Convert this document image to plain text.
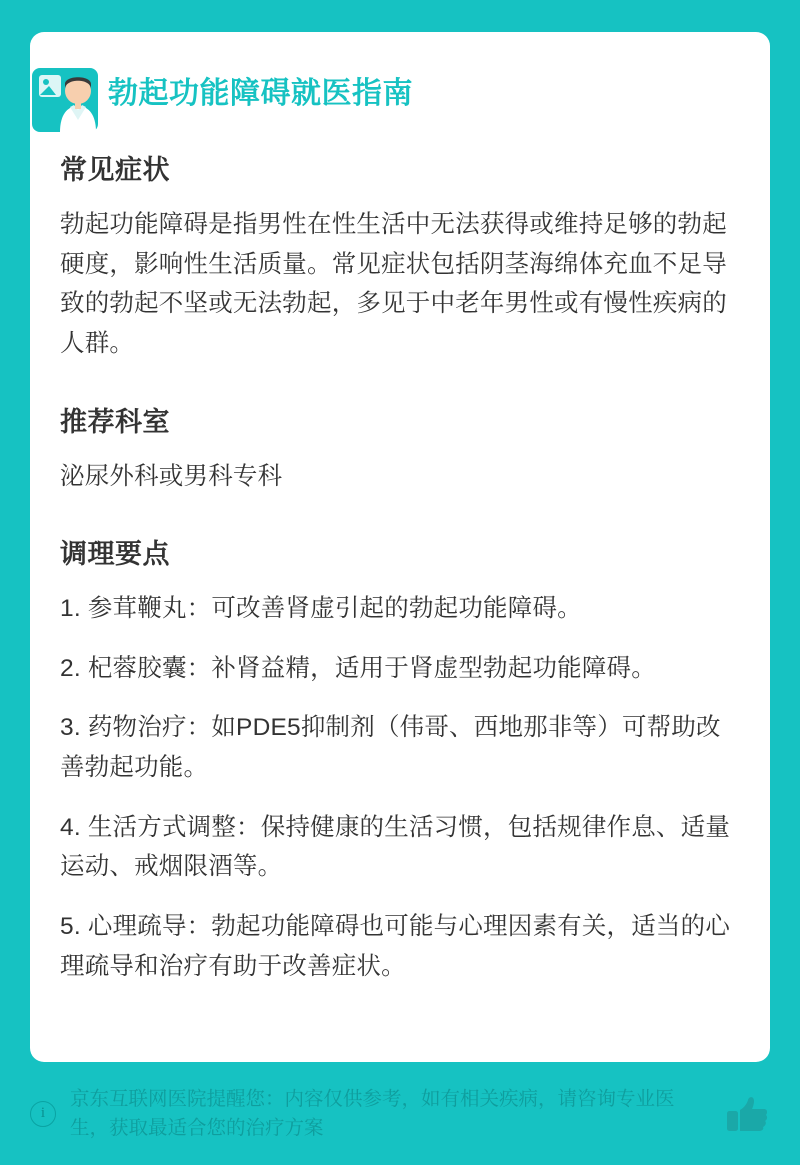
勃起功能障碍就医指南
常见症状

勃起功能障碍是指男性在性生活中无法获得或维持足够的勃起硬度，影响性生活质量。常见症状包括阴茎海绵体充血不足导致的勃起不坚或无法勃起，多见于中老年男性或有慢性疾病的人群。

推荐科室

泌尿外科或男科专科

调理要点
1. 参茸鞭丸：可改善肾虚引起的勃起功能障碍。
2. 杞蓉胶囊：补肾益精，适用于肾虚型勃起功能障碍。
3. 药物治疗：如PDE5抑制剂（伟哥、西地那非等）可帮助改善勃起功能。
4. 生活方式调整：保持健康的生活习惯，包括规律作息、适量运动、戒烟限酒等。
5. 心理疏导：勃起功能障碍也可能与心理因素有关，适当的心理疏导和治疗有助于改善症状。
i
京东互联网医院提醒您：内容仅供参考，如有相关疾病，请咨询专业医生，获取最适合您的治疗方案
